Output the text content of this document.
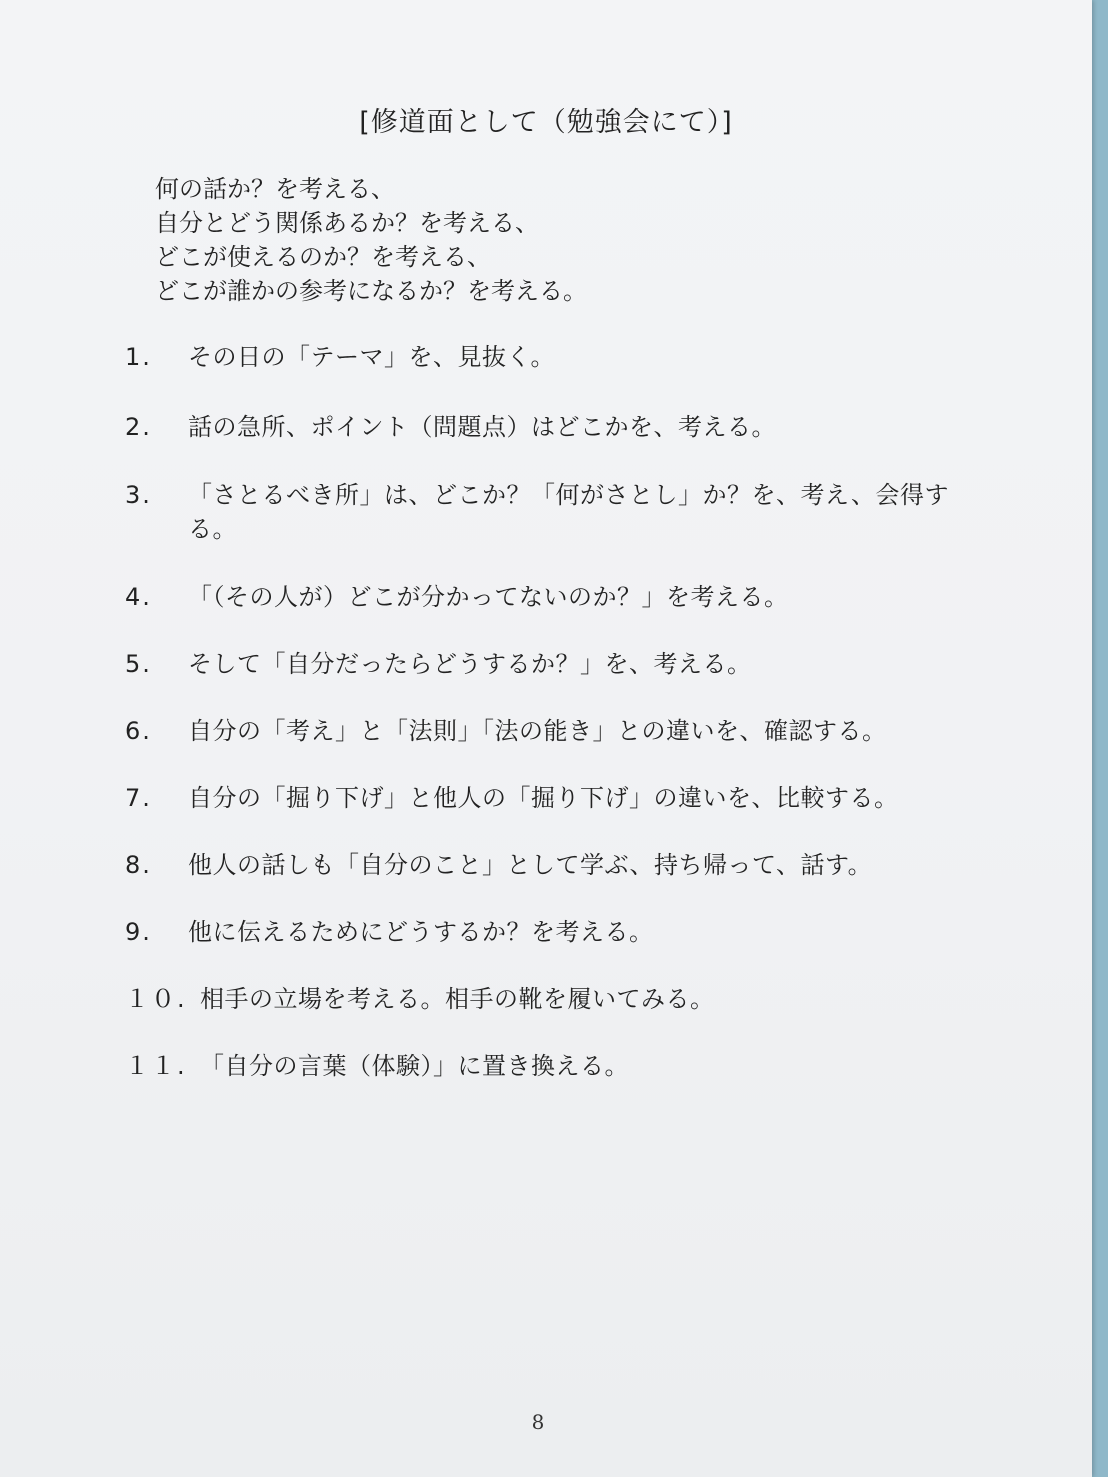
[修道面として（勉強会にて）]
何の話か？を考える、
自分とどう関係あるか？を考える、
どこが使えるのか？を考える、
どこが誰かの参考になるか？を考える。
1. その日の「テーマ」を、見抜く。
2. 話の急所、ポイント（問題点）はどこかを、考える。
3. 「さとるべき所」は、どこか？「何がさとし」か？を、考え、会得する。
4. 「（その人が）どこが分かってないのか？」を考える。
5. そして「自分だったらどうするか？」を、考える。
6. 自分の「考え」と「法則」「法の能き」との違いを、確認する。
7. 自分の「掘り下げ」と他人の「掘り下げ」の違いを、比較する。
8. 他人の話しも「自分のこと」として学ぶ、持ち帰って、話す。
9. 他に伝えるためにどうするか？を考える。
１０. 相手の立場を考える。相手の靴を履いてみる。
１１. 「自分の言葉（体験）」に置き換える。
8
